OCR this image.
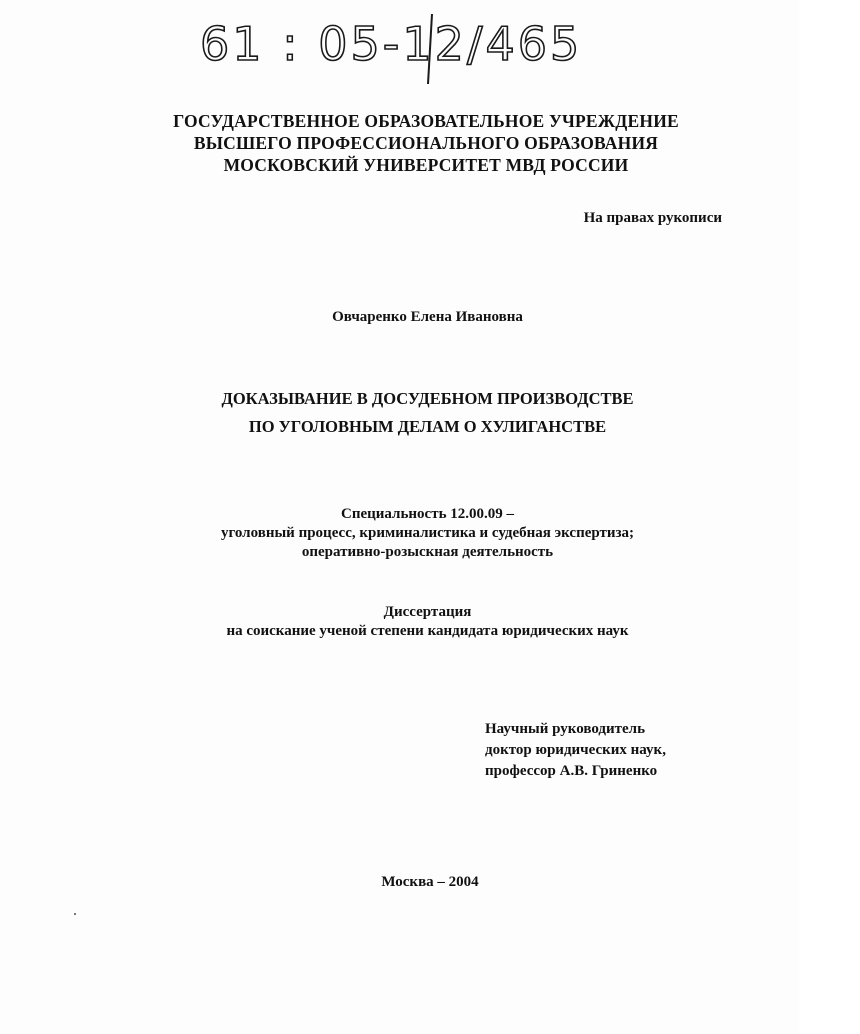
61 : 05-12/465
ГОСУДАРСТВЕННОЕ ОБРАЗОВАТЕЛЬНОЕ УЧРЕЖДЕНИЕ
ВЫСШЕГО ПРОФЕССИОНАЛЬНОГО ОБРАЗОВАНИЯ
МОСКОВСКИЙ УНИВЕРСИТЕТ МВД РОССИИ
На правах рукописи
Овчаренко Елена Ивановна
ДОКАЗЫВАНИЕ В ДОСУДЕБНОМ ПРОИЗВОДСТВЕ
ПО УГОЛОВНЫМ ДЕЛАМ О ХУЛИГАНСТВЕ
Специальность 12.00.09 –
уголовный процесс, криминалистика и судебная экспертиза;
оперативно-розыскная деятельность
Диссертация
на соискание ученой степени кандидата юридических наук
Научный руководитель
доктор юридических наук,
профессор А.В. Гриненко
Москва – 2004
